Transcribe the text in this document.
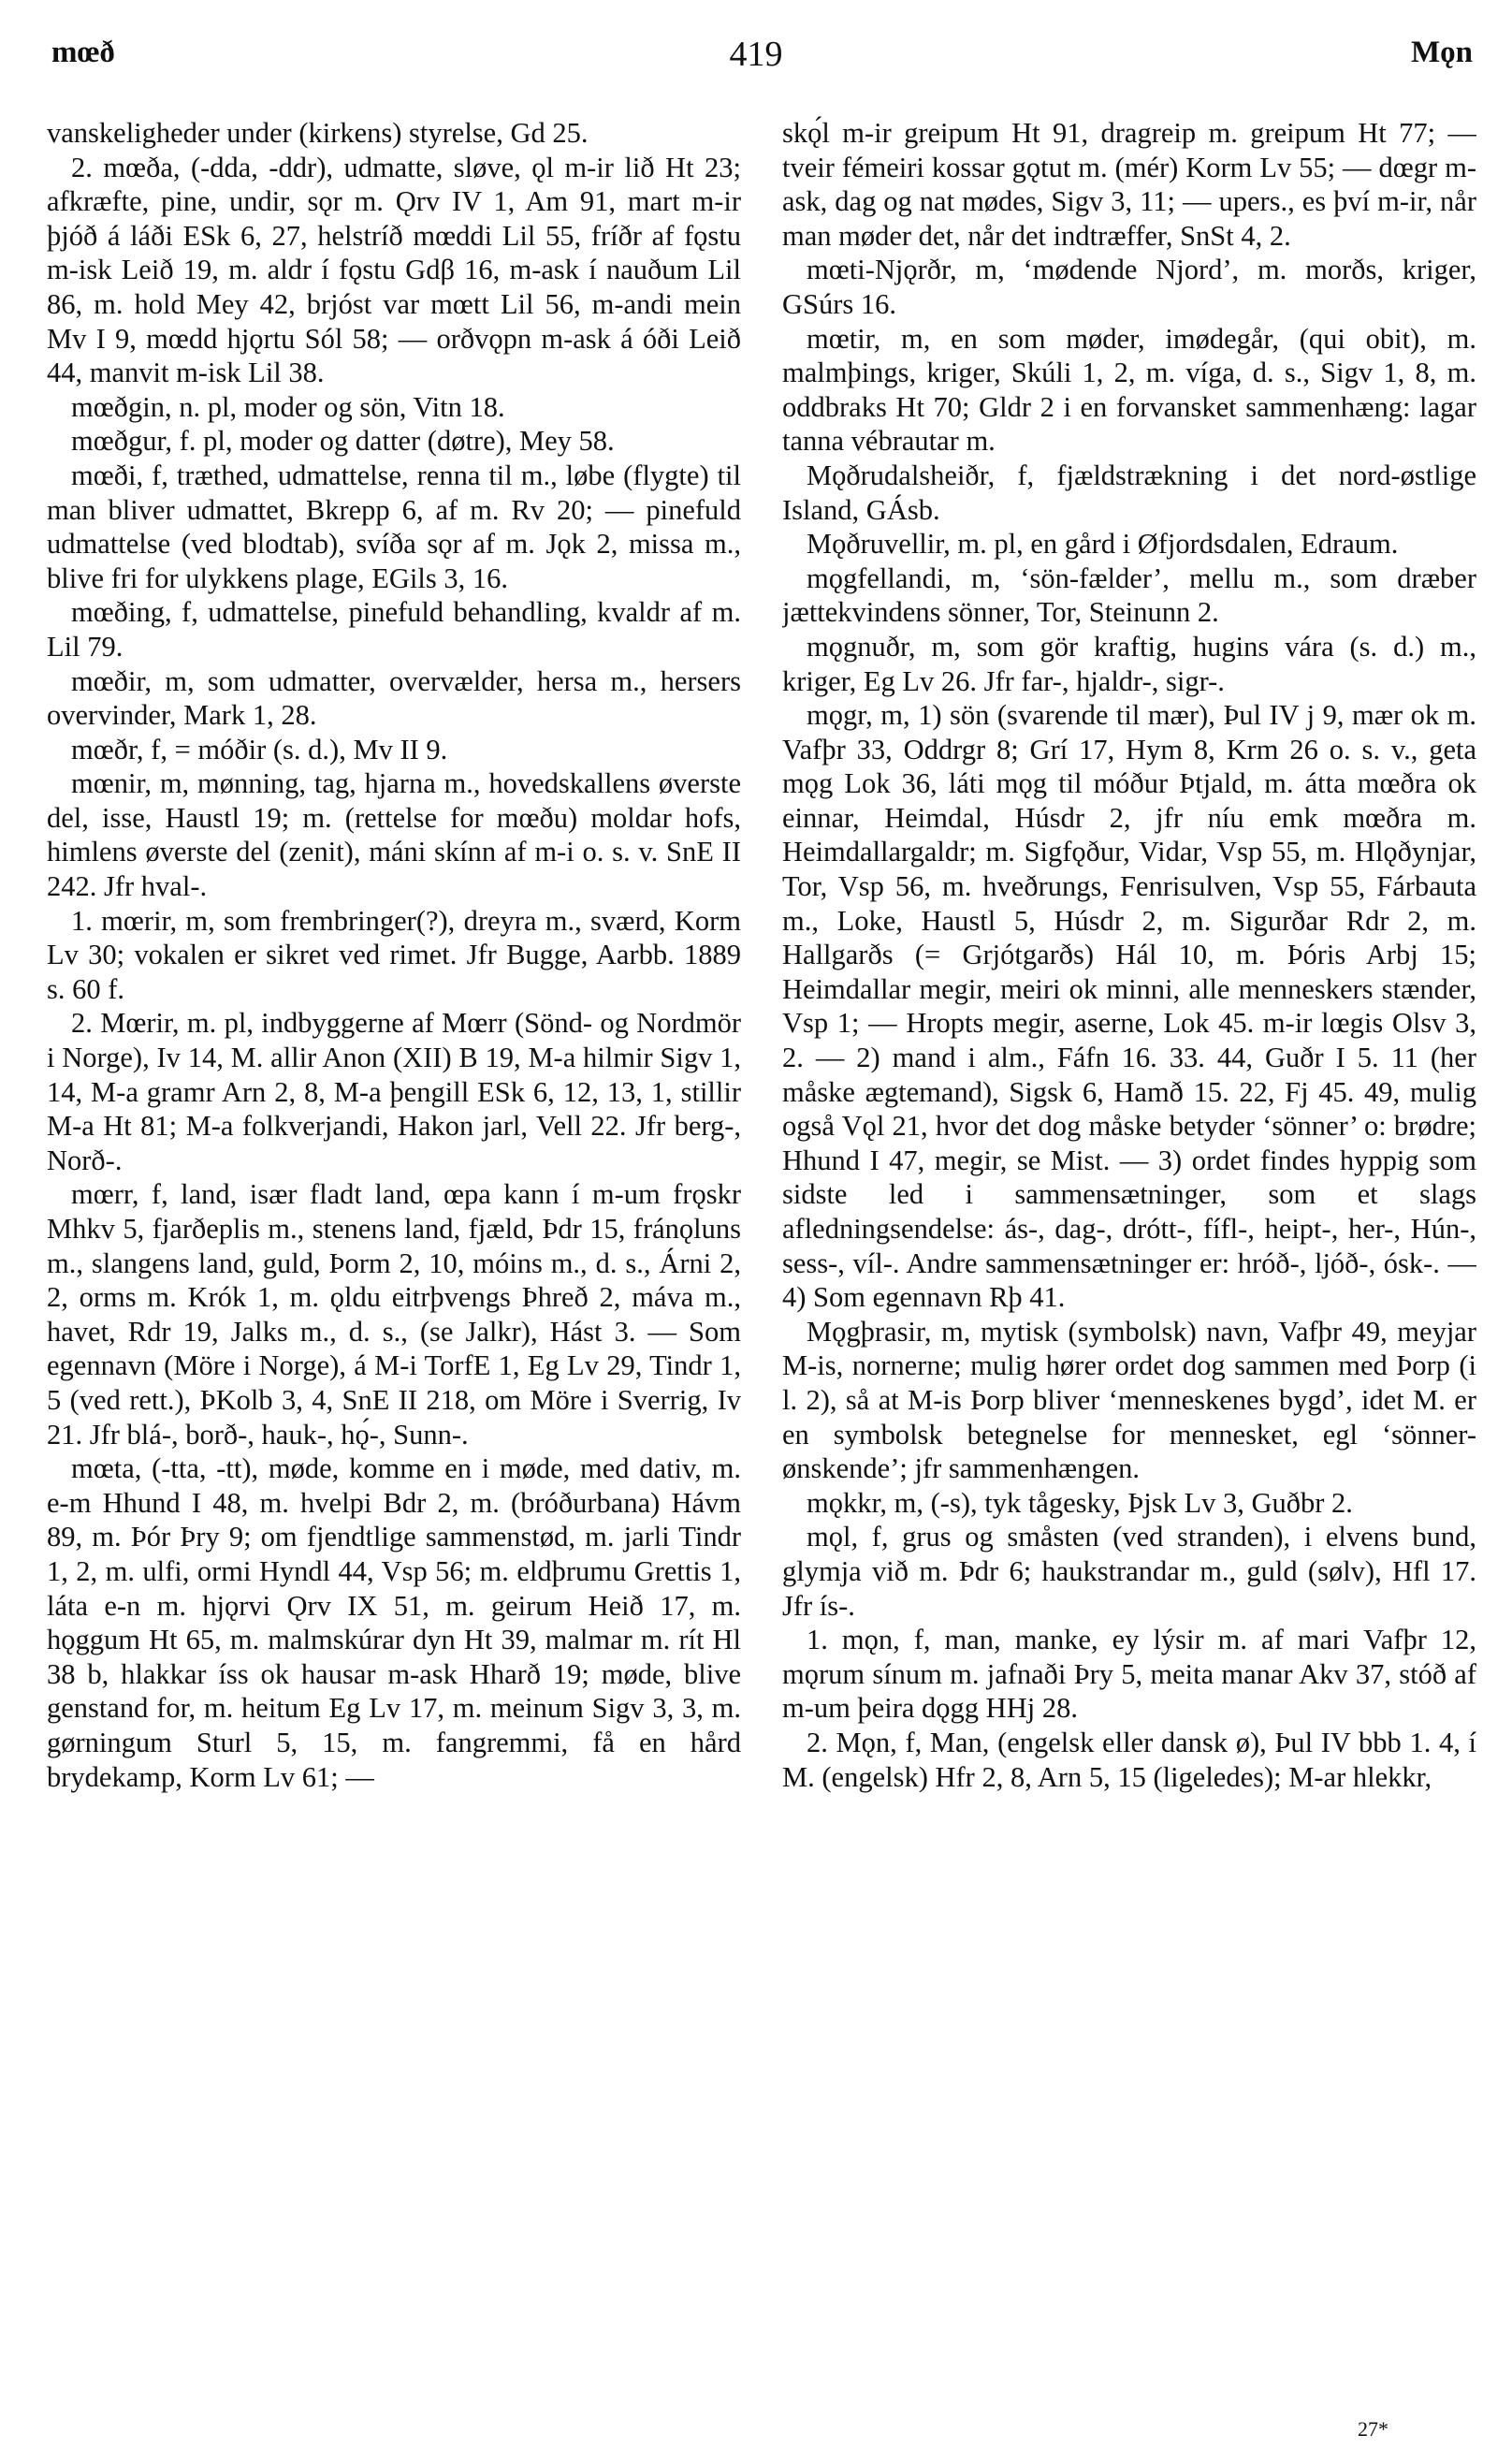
mœð	419	Mǫn

vanskeligheder under (kirkens) styrelse, Gd 25.

2. mœða, (-dda, -ddr), udmatte, sløve, ǫl m-ir lið Ht 23; afkræfte, pine, undir, sǫr m. Ǫrv IV 1, Am 91, mart m-ir þjóð á láði ESk 6, 27, helstríð mœddi Lil 55, fríðr af fǫstu m-isk Leið 19, m. aldr í fǫstu Gdβ 16, m-ask í nauðum Lil 86, m. hold Mey 42, brjóst var mœtt Lil 56, m-andi mein Mv I 9, mœdd hjǫrtu Sól 58; — orðvǫpn m-ask á óði Leið 44, manvit m-isk Lil 38.

mœðgin, n. pl, moder og sön, Vitn 18.

mœðgur, f. pl, moder og datter (døtre), Mey 58.

mœði, f, træthed, udmattelse, renna til m., løbe (flygte) til man bliver udmattet, Bkrepp 6, af m. Rv 20; — pinefuld udmattelse (ved blodtab), svíða sǫr af m. Jǫk 2, missa m., blive fri for ulykkens plage, EGils 3, 16.

mœðing, f, udmattelse, pinefuld behandling, kvaldr af m. Lil 79.

mœðir, m, som udmatter, overvælder, hersa m., hersers overvinder, Mark 1, 28.

mœðr, f, = móðir (s. d.), Mv II 9.

mœnir, m, mønning, tag, hjarna m., hovedskallens øverste del, isse, Haustl 19; m. (rettelse for mœðu) moldar hofs, himlens øverste del (zenit), máni skínn af m-i o. s. v. SnE II 242. Jfr hval-.

1. mœrir, m, som frembringer(?), dreyra m., sværd, Korm Lv 30; vokalen er sikret ved rimet. Jfr Bugge, Aarbb. 1889 s. 60 f.

2. Mœrir, m. pl, indbyggerne af Mœrr (Sönd- og Nordmör i Norge), Iv 14, M. allir Anon (XII) B 19, M-a hilmir Sigv 1, 14, M-a gramr Arn 2, 8, M-a þengill ESk 6, 12, 13, 1, stillir M-a Ht 81; M-a folkverjandi, Hakon jarl, Vell 22. Jfr berg-, Norð-.

mœrr, f, land, især fladt land, œpa kann í m-um frǫskr Mhkv 5, fjarðeplis m., stenens land, fjæld, Þdr 15, fránǫluns m., slangens land, guld, Þorm 2, 10, móins m., d. s., Árni 2, 2, orms m. Krók 1, m. ǫldu eitrþvengs Þhreð 2, máva m., havet, Rdr 19, Jalks m., d. s., (se Jalkr), Hást 3. — Som egennavn (Möre i Norge), á M-i TorfE 1, Eg Lv 29, Tindr 1, 5 (ved rett.), ÞKolb 3, 4, SnE II 218, om Möre i Sverrig, Iv 21. Jfr blá-, borð-, hauk-, hǫ́-, Sunn-.

mœta, (-tta, -tt), møde, komme en i møde, med dativ, m. e-m Hhund I 48, m. hvelpi Bdr 2, m. (bróðurbana) Hávm 89, m. Þór Þry 9; om fjendtlige sammenstød, m. jarli Tindr 1, 2, m. ulfi, ormi Hyndl 44, Vsp 56; m. eldþrumu Grettis 1, láta e-n m. hjǫrvi Ǫrv IX 51, m. geirum Heið 17, m. hǫggum Ht 65, m. malmskúrar dyn Ht 39, malmar m. rít Hl 38 b, hlakkar íss ok hausar m-ask Hharð 19; møde, blive genstand for, m. heitum Eg Lv 17, m. meinum Sigv 3, 3, m. gørningum Sturl 5, 15, m. fangremmi, få en hård brydekamp, Korm Lv 61; —

skǫ́l m-ir greipum Ht 91, dragreip m. greipum Ht 77; — tveir fémeiri kossar gǫtut m. (mér) Korm Lv 55; — dœgr m-ask, dag og nat mødes, Sigv 3, 11; — upers., es því m-ir, når man møder det, når det indtræffer, SnSt 4, 2.

mœti-Njǫrðr, m, ‘mødende Njord’, m. morðs, kriger, GSúrs 16.

mœtir, m, en som møder, imødegår, (qui obit), m. malmþings, kriger, Skúli 1, 2, m. víga, d. s., Sigv 1, 8, m. oddbraks Ht 70; Gldr 2 i en forvansket sammenhæng: lagar tanna vébrautar m.

Mǫðrudalsheiðr, f, fjældstrækning i det nord-østlige Island, GÁsb.

Mǫðruvellir, m. pl, en gård i Øfjordsdalen, Edraum.

mǫgfellandi, m, ‘sön-fælder’, mellu m., som dræber jættekvindens sönner, Tor, Steinunn 2.

mǫgnuðr, m, som gör kraftig, hugins vára (s. d.) m., kriger, Eg Lv 26. Jfr far-, hjaldr-, sigr-.

mǫgr, m, 1) sön (svarende til mær), Þul IV j 9, mær ok m. Vafþr 33, Oddrgr 8; Grí 17, Hym 8, Krm 26 o. s. v., geta mǫg Lok 36, láti mǫg til móður Þtjald, m. átta mœðra ok einnar, Heimdal, Húsdr 2, jfr níu emk mœðra m. Heimdallargaldr; m. Sigfǫður, Vidar, Vsp 55, m. Hlǫðynjar, Tor, Vsp 56, m. hveðrungs, Fenrisulven, Vsp 55, Fárbauta m., Loke, Haustl 5, Húsdr 2, m. Sigurðar Rdr 2, m. Hallgarðs (= Grjótgarðs) Hál 10, m. Þóris Arbj 15; Heimdallar megir, meiri ok minni, alle menneskers stænder, Vsp 1; — Hropts megir, aserne, Lok 45. m-ir lœgis Olsv 3, 2. — 2) mand i alm., Fáfn 16. 33. 44, Guðr I 5. 11 (her måske ægtemand), Sigsk 6, Hamð 15. 22, Fj 45. 49, mulig også Vǫl 21, hvor det dog måske betyder ‘sönner’ o: brødre; Hhund I 47, megir, se Mist. — 3) ordet findes hyppig som sidste led i sammensætninger, som et slags afledningsendelse: ás-, dag-, drótt-, fífl-, heipt-, her-, Hún-, sess-, víl-. Andre sammensætninger er: hróð-, ljóð-, ósk-. — 4) Som egennavn Rþ 41.

Mǫgþrasir, m, mytisk (symbolsk) navn, Vafþr 49, meyjar M-is, nornerne; mulig hører ordet dog sammen med Þorp (i l. 2), så at M-is Þorp bliver ‘menneskenes bygd’, idet M. er en symbolsk betegnelse for mennesket, egl ‘sönner-ønskende’; jfr sammenhængen.

mǫkkr, m, (-s), tyk tågesky, Þjsk Lv 3, Guðbr 2.

mǫl, f, grus og småsten (ved stranden), i elvens bund, glymja við m. Þdr 6; haukstrandar m., guld (sølv), Hfl 17. Jfr ís-.

1. mǫn, f, man, manke, ey lýsir m. af mari Vafþr 12, mǫrum sínum m. jafnaði Þry 5, meita manar Akv 37, stóð af m-um þeira dǫgg HHj 28.

2. Mǫn, f, Man, (engelsk eller dansk ø), Þul IV bbb 1. 4, í M. (engelsk) Hfr 2, 8, Arn 5, 15 (ligeledes); M-ar hlekkr,

27*
